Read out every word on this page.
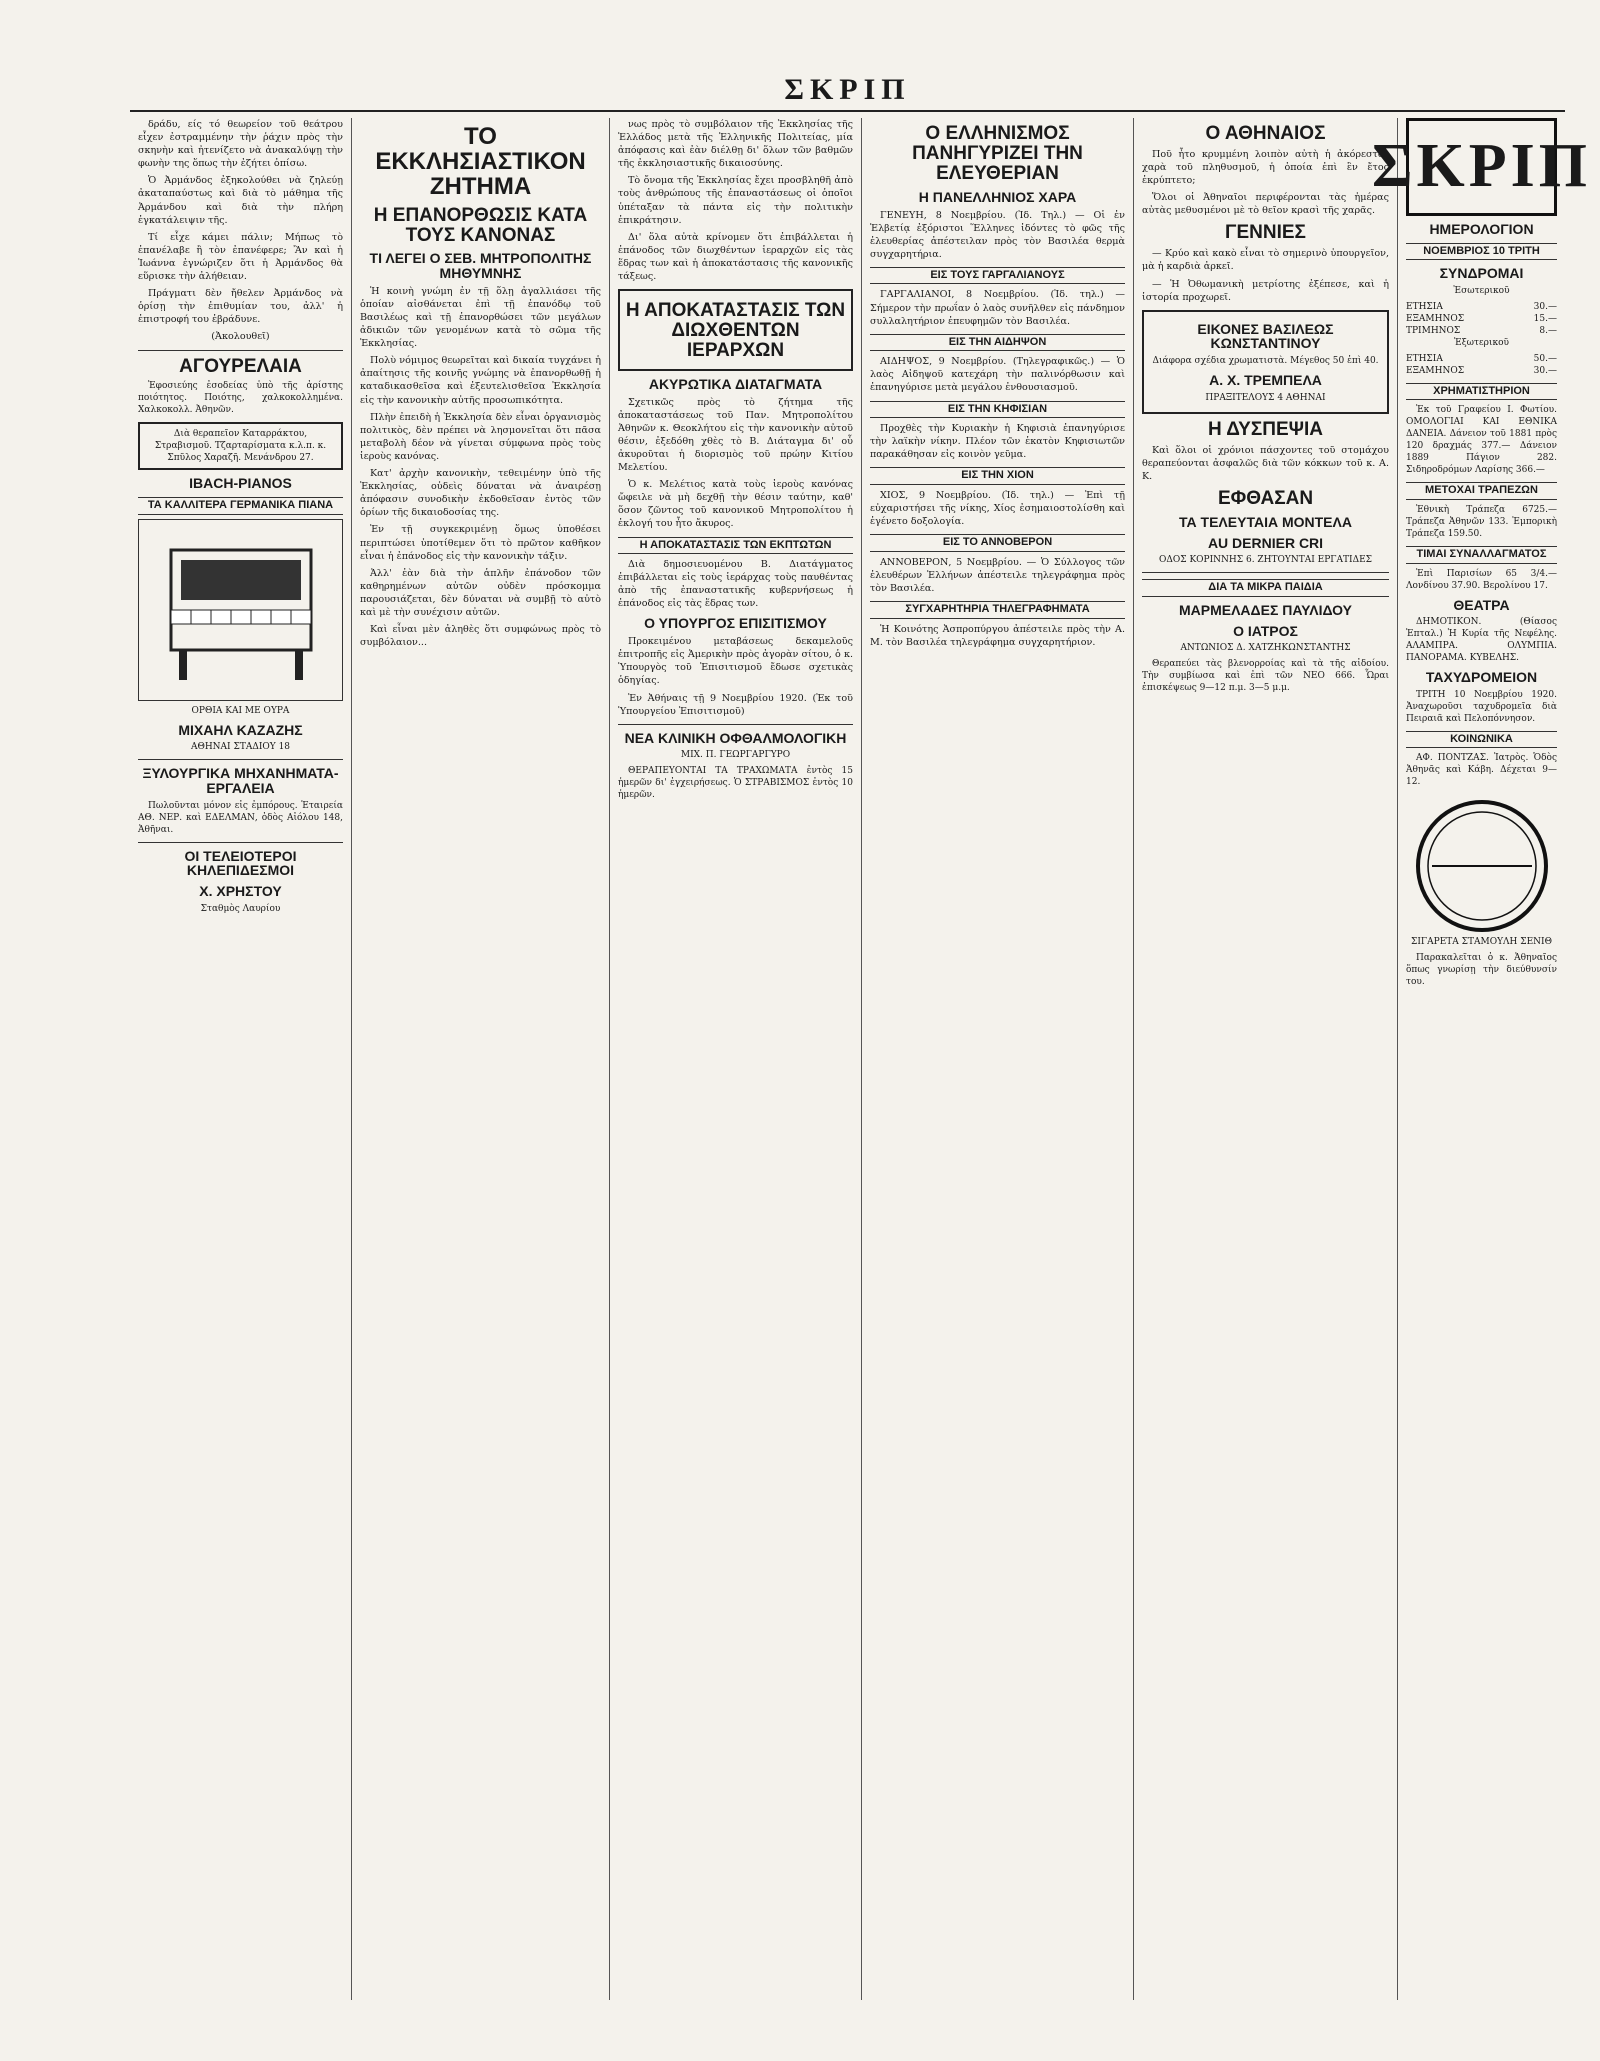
ΣΚΡΙΠ

δράδυ, είς τό θεωρείον τοῦ θεάτρου εἶχεν ἐστραμμένην τὴν ῥάχιν πρὸς τὴν σκηνὴν καὶ ἠτενίζετο νὰ ἀνακαλύψῃ τὴν φωνὴν της ὅπως τὴν ἐζήτει ὀπίσω.

Ὁ Ἀρμάνδος ἐξηκολούθει νὰ ζηλεύῃ ἀκαταπαύστως καὶ διὰ τὸ μάθημα τῆς Ἀρμάνδου καὶ διὰ τὴν πλήρη ἐγκατάλειψιν τῆς.

Τί εἶχε κάμει πάλιν; Μήπως τὸ ἐπανέλαβε ἢ τὸν ἐπανέφερε; Ἂν καὶ ἡ Ἰωάννα ἐγνώριζεν ὅτι ἡ Ἀρμάνδος θὰ εὕρισκε τὴν ἀλήθειαν.

Πράγματι δὲν ἤθελεν Ἀρμάνδος νὰ ὁρίσῃ τὴν ἐπιθυμίαν του, ἀλλ' ἡ ἐπιστροφή του ἐβράδυνε.

(Ἀκολουθεῖ)

ΑΓΟΥΡΕΛΑΙΑ

Ἐφοσιεύης ἐσοδείας ὑπὸ τῆς ἀρίστης ποιότητος. Ποιότης, χαλκοκολλημένα. Χαλκοκολλ. Ἀθηνῶν.

Διὰ θεραπεῖον Καταρράκτου, Στραβισμοῦ. Τζαρταρίσματα κ.λ.π. κ. Σπῦλος Χαραζῆ. Μενάνδρου 27.
IBACH-PIANOS
ΤΑ ΚΑΛΛΙΤΕΡΑ ΓΕΡΜΑΝΙΚΑ ΠΙΑΝΑ

ΟΡΘΙΑ ΚΑΙ ΜΕ ΟΥΡΑ

ΜΙΧΑΗΛ ΚΑΖΑΖΗΣ

ΑΘΗΝΑΙ ΣΤΑΔΙΟΥ 18

ΞΥΛΟΥΡΓΙΚΑ ΜΗΧΑΝΗΜΑΤΑ-ΕΡΓΑΛΕΙΑ

Πωλοῦνται μόνον εἰς ἐμπόρους. Ἑταιρεία ΑΘ. ΝΕΡ. καὶ ΕΔΕΛΜΑΝ, ὁδὸς Αἰόλου 148, Ἀθῆναι.

ΟΙ ΤΕΛΕΙΟΤΕΡΟΙ ΚΗΛΕΠΙΔΕΣΜΟΙ
Χ. ΧΡΗΣΤΟΥ

Σταθμὸς Λαυρίου

ΤΟ ΕΚΚΛΗΣΙΑΣΤΙΚΟΝ ΖΗΤΗΜΑ
Η ΕΠΑΝΟΡΘΩΣΙΣ ΚΑΤΑ ΤΟΥΣ ΚΑΝΟΝΑΣ
ΤΙ ΛΕΓΕΙ Ο ΣΕΒ. ΜΗΤΡΟΠΟΛΙΤΗΣ ΜΗΘΥΜΝΗΣ

Ἡ κοινὴ γνώμη ἐν τῇ ὅλῃ ἀγαλλιάσει τῆς ὁποίαν αἰσθάνεται ἐπὶ τῇ ἐπανόδῳ τοῦ Βασιλέως καὶ τῇ ἐπανορθώσει τῶν μεγάλων ἀδικιῶν τῶν γενομένων κατὰ τὸ σῶμα τῆς Ἐκκλησίας.

Πολὺ νόμιμος θεωρεῖται καὶ δικαία τυγχάνει ἡ ἀπαίτησις τῆς κοινῆς γνώμης νὰ ἐπανορθωθῇ ἡ καταδικασθεῖσα καὶ ἐξευτελισθεῖσα Ἐκκλησία εἰς τὴν κανονικὴν αὐτῆς προσωπικότητα.

Πλὴν ἐπειδὴ ἡ Ἐκκλησία δὲν εἶναι ὀργανισμὸς πολιτικὸς, δὲν πρέπει νὰ λησμονεῖται ὅτι πᾶσα μεταβολὴ δέον νὰ γίνεται σύμφωνα πρὸς τοὺς ἱεροὺς κανόνας.

Κατ' ἀρχὴν κανονικὴν, τεθειμένην ὑπὸ τῆς Ἐκκλησίας, οὐδεὶς δύναται νὰ ἀναιρέσῃ ἀπόφασιν συνοδικὴν ἐκδοθεῖσαν ἐντὸς τῶν ὁρίων τῆς δικαιοδοσίας της.

Ἐν τῇ συγκεκριμένῃ ὅμως ὑποθέσει περιπτώσει ὑποτίθεμεν ὅτι τὸ πρῶτον καθῆκον εἶναι ἡ ἐπάνοδος εἰς τὴν κανονικὴν τάξιν.

Ἀλλ' ἐὰν διὰ τὴν ἁπλῆν ἐπάνοδον τῶν καθηρημένων αὐτῶν οὐδὲν πρόσκομμα παρουσιάζεται, δὲν δύναται νὰ συμβῇ τὸ αὐτὸ καὶ μὲ τὴν συνέχισιν αὐτῶν.

Καὶ εἶναι μὲν ἀληθὲς ὅτι συμφώνως πρὸς τὸ συμβόλαιον...

νως πρὸς τὸ συμβόλαιον τῆς Ἐκκλησίας τῆς Ἑλλάδος μετὰ τῆς Ἑλληνικῆς Πολιτείας, μία ἀπόφασις καὶ ἐὰν διέλθῃ δι' ὅλων τῶν βαθμῶν τῆς ἐκκλησιαστικῆς δικαιοσύνης.

Τὸ ὄνομα τῆς Ἐκκλησίας ἔχει προσβληθῆ ἀπὸ τοὺς ἀνθρώπους τῆς ἐπαναστάσεως οἱ ὁποῖοι ὑπέταξαν τὰ πάντα εἰς τὴν πολιτικὴν ἐπικράτησιν.

Δι' ὅλα αὐτὰ κρίνομεν ὅτι ἐπιβάλλεται ἡ ἐπάνοδος τῶν διωχθέντων ἱεραρχῶν εἰς τὰς ἕδρας των καὶ ἡ ἀποκατάστασις τῆς κανονικῆς τάξεως.

Η ΑΠΟΚΑΤΑΣΤΑΣΙΣ ΤΩΝ ΔΙΩΧΘΕΝΤΩΝ ΙΕΡΑΡΧΩΝ
ΑΚΥΡΩΤΙΚΑ ΔΙΑΤΑΓΜΑΤΑ

Σχετικῶς πρὸς τὸ ζήτημα τῆς ἀποκαταστάσεως τοῦ Παν. Μητροπολίτου Ἀθηνῶν κ. Θεοκλήτου εἰς τὴν κανονικὴν αὐτοῦ θέσιν, ἐξεδόθη χθὲς τὸ Β. Διάταγμα δι' οὗ ἀκυροῦται ἡ διορισμὸς τοῦ πρώην Κιτίου Μελετίου.

Ὁ κ. Μελέτιος κατὰ τοὺς ἱεροὺς κανόνας ὤφειλε νὰ μὴ δεχθῇ τὴν θέσιν ταύτην, καθ' ὅσον ζῶντος τοῦ κανονικοῦ Μητροπολίτου ἡ ἐκλογή του ἦτο ἄκυρος.

Η ΑΠΟΚΑΤΑΣΤΑΣΙΣ ΤΩΝ ΕΚΠΤΩΤΩΝ

Διὰ δημοσιευομένου Β. Διατάγματος ἐπιβάλλεται εἰς τοὺς ἱεράρχας τοὺς παυθέντας ἀπὸ τῆς ἐπαναστατικῆς κυβερνήσεως ἡ ἐπάνοδος εἰς τὰς ἕδρας των.

Ο ΥΠΟΥΡΓΟΣ ΕΠΙΣΙΤΙΣΜΟΥ

Προκειμένου μεταβάσεως δεκαμελοῦς ἐπιτροπῆς εἰς Ἀμερικὴν πρὸς ἀγορὰν σίτου, ὁ κ. Ὑπουργὸς τοῦ Ἐπισιτισμοῦ ἔδωσε σχετικὰς ὁδηγίας.

Ἐν Ἀθήναις τῇ 9 Νοεμβρίου 1920. (Ἐκ τοῦ Ὑπουργείου Ἐπισιτισμοῦ)

ΝΕΑ ΚΛΙΝΙΚΗ ΟΦΘΑΛΜΟΛΟΓΙΚΗ

ΜΙΧ. Π. ΓΕΩΡΓΑΡΓΥΡΟ

ΘΕΡΑΠΕΥΟΝΤΑΙ ΤΑ ΤΡΑΧΩΜΑΤΑ ἐντὸς 15 ἡμερῶν δι' ἐγχειρήσεως. Ὁ ΣΤΡΑΒΙΣΜΟΣ ἐντὸς 10 ἡμερῶν.

Ο ΕΛΛΗΝΙΣΜΟΣ ΠΑΝΗΓΥΡΙΖΕΙ ΤΗΝ ΕΛΕΥΘΕΡΙΑΝ
Η ΠΑΝΕΛΛΗΝΙΟΣ ΧΑΡΑ

ΓΕΝΕΥΗ, 8 Νοεμβρίου. (Ἰδ. Τηλ.) — Οἱ ἐν Ἑλβετίᾳ ἐξόριστοι Ἕλληνες ἰδόντες τὸ φῶς τῆς ἐλευθερίας ἀπέστειλαν πρὸς τὸν Βασιλέα θερμὰ συγχαρητήρια.

ΕΙΣ ΤΟΥΣ ΓΑΡΓΑΛΙΑΝΟΥΣ

ΓΑΡΓΑΛΙΑΝΟΙ, 8 Νοεμβρίου. (Ἰδ. τηλ.) — Σήμερον τὴν πρωΐαν ὁ λαὸς συνῆλθεν εἰς πάνδημον συλλαλητήριον ἐπευφημῶν τὸν Βασιλέα.

ΕΙΣ ΤΗΝ ΑΙΔΗΨΟΝ

ΑΙΔΗΨΟΣ, 9 Νοεμβρίου. (Τηλεγραφικῶς.) — Ὁ λαὸς Αἰδηψοῦ κατεχάρη τὴν παλινόρθωσιν καὶ ἐπανηγύρισε μετὰ μεγάλου ἐνθουσιασμοῦ.

ΕΙΣ ΤΗΝ ΚΗΦΙΣΙΑΝ

Προχθὲς τὴν Κυριακὴν ἡ Κηφισιὰ ἐπανηγύρισε τὴν λαϊκὴν νίκην. Πλέον τῶν ἑκατὸν Κηφισιωτῶν παρακάθησαν εἰς κοινὸν γεῦμα.

ΕΙΣ ΤΗΝ ΧΙΟΝ

ΧΙΟΣ, 9 Νοεμβρίου. (Ἰδ. τηλ.) — Ἐπὶ τῇ εὐχαριστήσει τῆς νίκης, Χίος ἐσημαιοστολίσθη καὶ ἐγένετο δοξολογία.

ΕΙΣ ΤΟ ΑΝΝΟΒΕΡΟΝ

ΑΝΝΟΒΕΡΟΝ, 5 Νοεμβρίου. — Ὁ Σύλλογος τῶν ἐλευθέρων Ἑλλήνων ἀπέστειλε τηλεγράφημα πρὸς τὸν Βασιλέα.

ΣΥΓΧΑΡΗΤΗΡΙΑ ΤΗΛΕΓΡΑΦΗΜΑΤΑ

Ἡ Κοινότης Ἀσπροπύργου ἀπέστειλε πρὸς τὴν Α. Μ. τὸν Βασιλέα τηλεγράφημα συγχαρητήριον.

Ο ΑΘΗΝΑΙΟΣ

Ποῦ ἦτο κρυμμένη λοιπὸν αὐτὴ ἡ ἀκόρεστος χαρὰ τοῦ πληθυσμοῦ, ἡ ὁποία ἐπὶ ἓν ἔτος ἐκρύπτετο;

Ὅλοι οἱ Ἀθηναῖοι περιφέρονται τὰς ἡμέρας αὐτὰς μεθυσμένοι μὲ τὸ θεῖον κρασὶ τῆς χαρᾶς.

ΓΕΝΝΙΕΣ

— Κρύο καὶ κακὸ εἶναι τὸ σημερινὸ ὑπουργεῖον, μὰ ἡ καρδιὰ ἀρκεῖ.

— Ἡ Ὀθωμανικὴ μετρίοτης ἐξέπεσε, καὶ ἡ ἱστορία προχωρεῖ.

ΕΙΚΟΝΕΣ ΒΑΣΙΛΕΩΣ ΚΩΝΣΤΑΝΤΙΝΟΥ

Διάφορα σχέδια χρωματιστὰ. Μέγεθος 50 ἐπὶ 40.

Α. Χ. ΤΡΕΜΠΕΛΑ

ΠΡΑΞΙΤΕΛΟΥΣ 4 ΑΘΗΝΑΙ

Η ΔΥΣΠΕΨΙΑ

Καὶ ὅλοι οἱ χρόνιοι πάσχοντες τοῦ στομάχου θεραπεύονται ἀσφαλῶς διὰ τῶν κόκκων τοῦ κ. Α. Κ.

ΕΦΘΑΣΑΝ
ΤΑ ΤΕΛΕΥΤΑΙΑ ΜΟΝΤΕΛΑ
AU DERNIER CRI

ΟΔΟΣ ΚΟΡΙΝΝΗΣ 6. ΖΗΤΟΥΝΤΑΙ ΕΡΓΑΤΙΔΕΣ

ΔΙΑ ΤΑ ΜΙΚΡΑ ΠΑΙΔΙΑ
ΜΑΡΜΕΛΑΔΕΣ ΠΑΥΛΙΔΟΥ
Ο ΙΑΤΡΟΣ

ΑΝΤΩΝΙΟΣ Δ. ΧΑΤΖΗΚΩΝΣΤΑΝΤΗΣ

Θεραπεύει τὰς βλενορροίας καὶ τὰ τῆς αἰδοίου. Τὴν συμβίωσα καὶ ἐπὶ τῶν ΝΕΟ 666. Ὧραι ἐπισκέψεως 9—12 π.μ. 3—5 μ.μ.

ΣΚΡΙΠ
ΗΜΕΡΟΛΟΓΙΟΝ
ΝΟΕΜΒΡΙΟΣ 10 ΤΡΙΤΗ
ΣΥΝΔΡΟΜΑΙ

Ἐσωτερικοῦ

ΕΤΗΣΙΑ	30.—
ΕΞΑΜΗΝΟΣ	15.—
ΤΡΙΜΗΝΟΣ	8.—

Ἐξωτερικοῦ

ΕΤΗΣΙΑ	50.—
ΕΞΑΜΗΝΟΣ	30.—
ΧΡΗΜΑΤΙΣΤΗΡΙΟΝ

Ἐκ τοῦ Γραφείου Ι. Φωτίου. ΟΜΟΛΟΓΙΑΙ ΚΑΙ ΕΘΝΙΚΑ ΔΑΝΕΙΑ. Δάνειον τοῦ 1881 πρὸς 120 δραχμάς 377.— Δάνειον 1889 Πάγιον 282. Σιδηροδρόμων Λαρίσης 366.—

ΜΕΤΟΧΑΙ ΤΡΑΠΕΖΩΝ

Ἐθνικὴ Τράπεζα 6725.— Τράπεζα Ἀθηνῶν 133. Ἐμπορικὴ Τράπεζα 159.50.

ΤΙΜΑΙ ΣΥΝΑΛΛΑΓΜΑΤΟΣ

Ἐπὶ Παρισίων 65 3/4.— Λονδίνου 37.90. Βερολίνου 17.

ΘΕΑΤΡΑ

ΔΗΜΟΤΙΚΟΝ. (Θίασος Ἑπταλ.) Ἡ Κυρία τῆς Νεφέλης. ΑΛΑΜΠΡΑ. ΟΛΥΜΠΙΑ. ΠΑΝΟΡΑΜΑ. ΚΥΒΕΛΗΣ.

ΤΑΧΥΔΡΟΜΕΙΟΝ

ΤΡΙΤΗ 10 Νοεμβρίου 1920. Ἀναχωροῦσι ταχυδρομεῖα διὰ Πειραιᾶ καὶ Πελοπόννησον.

ΚΟΙΝΩΝΙΚΑ

ΑΦ. ΠΟΝΤΖΑΣ. Ἰατρὸς. Ὁδὸς Ἀθηνᾶς καὶ Κάβη. Δέχεται 9—12.

ΣΙΓΑΡΕΤΑ ΣΤΑΜΟΥΛΗ ΣΕΝΙΘ

Παρακαλεῖται ὁ κ. Ἀθηναῖος ὅπως γνωρίσῃ τὴν διεύθυνσίν του.
